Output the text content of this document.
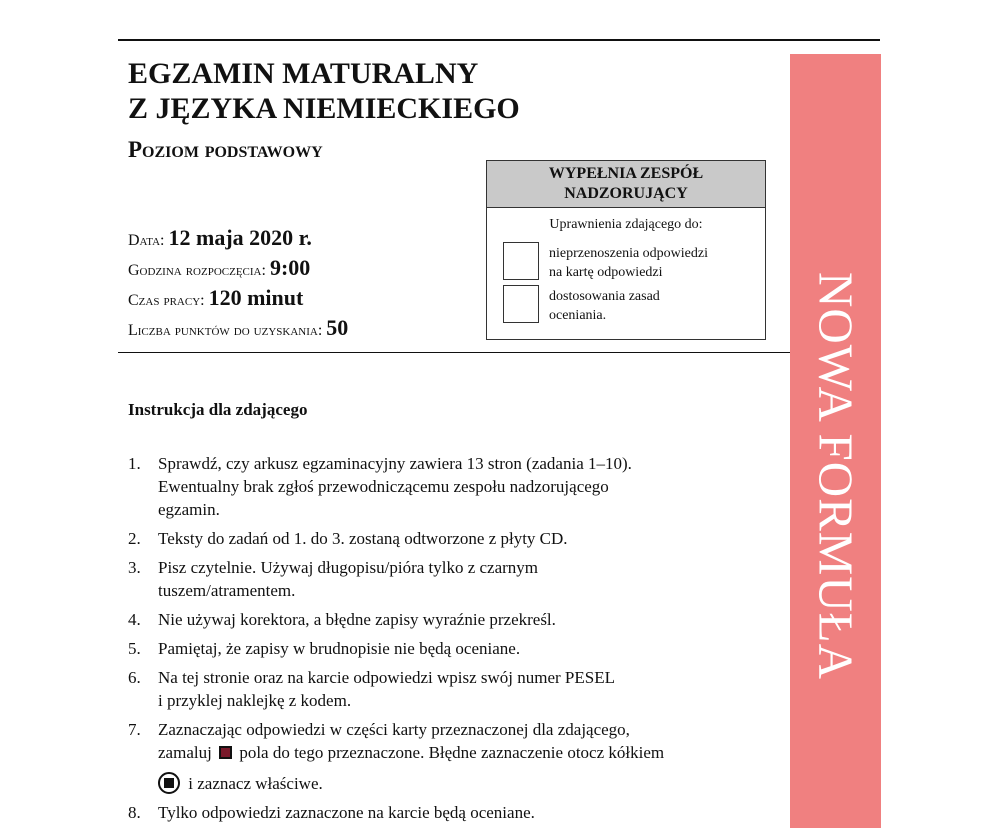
NOWA FORMUŁA
EGZAMIN MATURALNY
Z JĘZYKA NIEMIECKIEGO
Poziom podstawowy
Data: 12 maja 2020 r.
Godzina rozpoczęcia: 9:00
Czas pracy: 120 minut
Liczba punktów do uzyskania: 50
WYPEŁNIA ZESPÓŁ
NADZORUJĄCY
Uprawnienia zdającego do:
nieprzenoszenia odpowiedzi
na kartę odpowiedzi
dostosowania zasad
oceniania.
Instrukcja dla zdającego
1. Sprawdź, czy arkusz egzaminacyjny zawiera 13 stron (zadania 1–10).
Ewentualny brak zgłoś przewodniczącemu zespołu nadzorującego
egzamin.
2. Teksty do zadań od 1. do 3. zostaną odtworzone z płyty CD.
3. Pisz czytelnie. Używaj długopisu/pióra tylko z czarnym
tuszem/atramentem.
4. Nie używaj korektora, a błędne zapisy wyraźnie przekreśl.
5. Pamiętaj, że zapisy w brudnopisie nie będą oceniane.
6. Na tej stronie oraz na karcie odpowiedzi wpisz swój numer PESEL
i przyklej naklejkę z kodem.
7. Zaznaczając odpowiedzi w części karty przeznaczonej dla zdającego,
zamaluj pola do tego przeznaczone. Błędne zaznaczenie otocz kółkiem
i zaznacz właściwe.
8. Tylko odpowiedzi zaznaczone na karcie będą oceniane.
